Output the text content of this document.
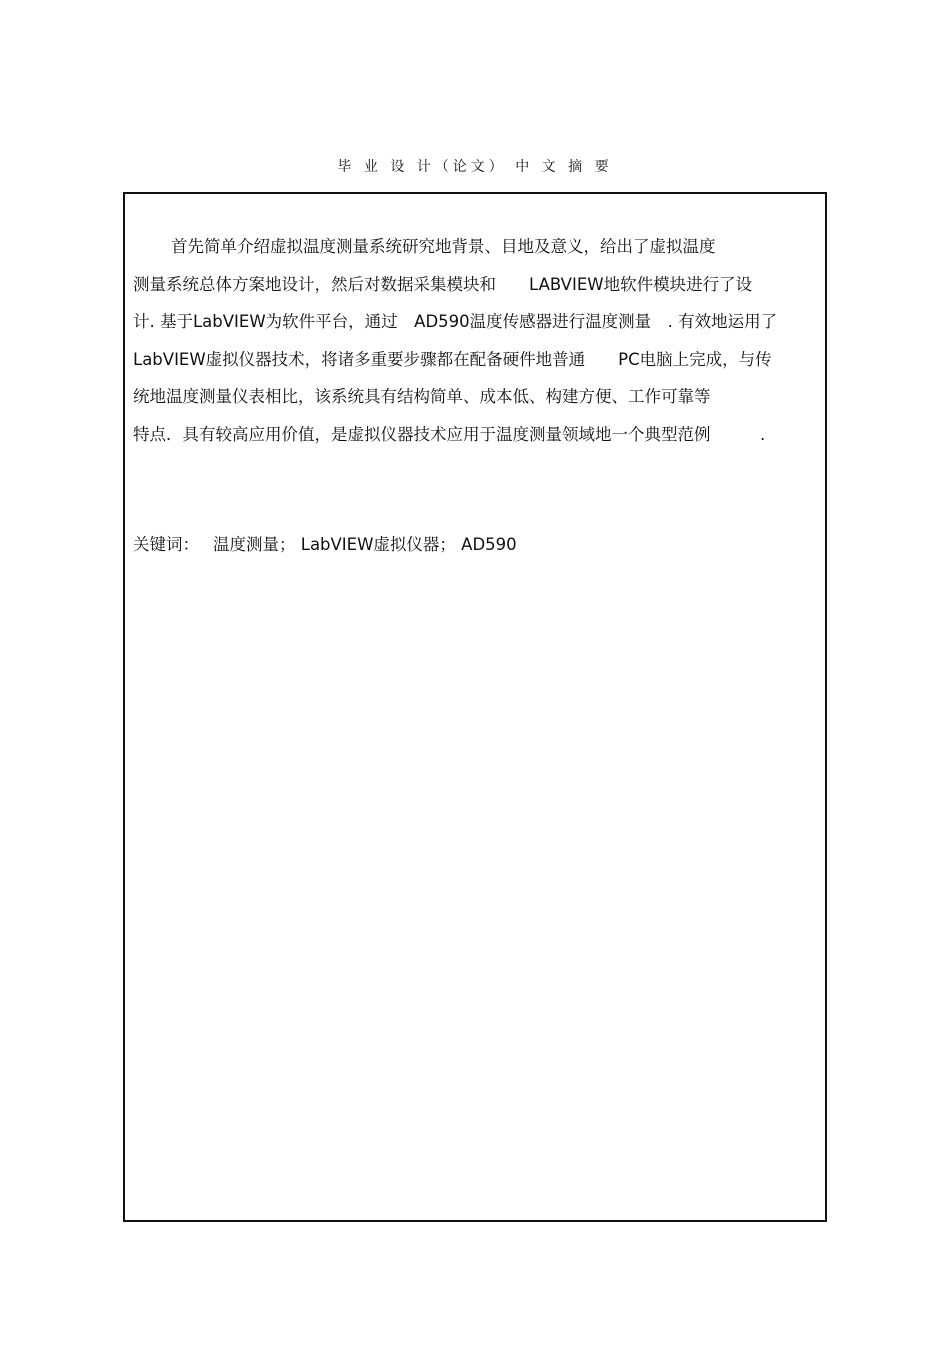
毕 业 设 计（论文） 中 文 摘 要
首先简单介绍虚拟温度测量系统研究地背景、目地及意义，给出了虚拟温度
测量系统总体方案地设计，然后对数据采集模块和　　LABVIEW地软件模块进行了设
计. 基于LabVIEW为软件平台，通过　AD590温度传感器进行温度测量　. 有效地运用了
LabVIEW虚拟仪器技术，将诸多重要步骤都在配备硬件地普通　　PC电脑上完成，与传
统地温度测量仪表相比，该系统具有结构简单、成本低、构建方便、工作可靠等
特点．具有较高应用价值，是虚拟仪器技术应用于温度测量领域地一个典型范例　　　.
关键词： 温度测量； LabVIEW虚拟仪器； AD590
